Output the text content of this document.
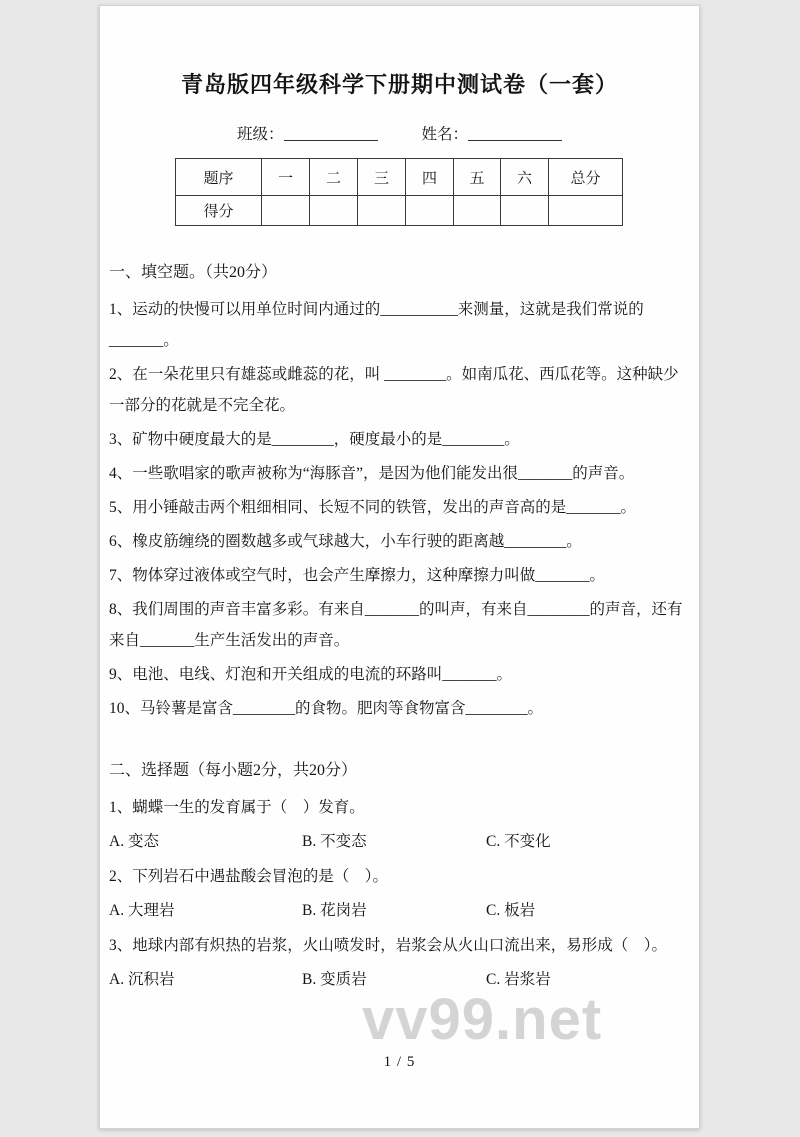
青岛版四年级科学下册期中测试卷（一套）
班级：	姓名：
题序	一	二	三	四	五	六	总分
得分							

一、填空题。（共20分）

1、运动的快慢可以用单位时间内通过的__________来测量，这就是我们常说的_______。

2、在一朵花里只有雄蕊或雌蕊的花，叫 ________。如南瓜花、西瓜花等。这种缺少一部分的花就是不完全花。

3、矿物中硬度最大的是________，硬度最小的是________。

4、一些歌唱家的歌声被称为“海豚音”，是因为他们能发出很_______的声音。

5、用小锤敲击两个粗细相同、长短不同的铁管，发出的声音高的是_______。

6、橡皮筋缠绕的圈数越多或气球越大，小车行驶的距离越________。

7、物体穿过液体或空气时，也会产生摩擦力，这种摩擦力叫做_______。

8、我们周围的声音丰富多彩。有来自_______的叫声，有来自________的声音，还有来自_______生产生活发出的声音。

9、电池、电线、灯泡和开关组成的电流的环路叫_______。

10、马铃薯是富含________的食物。肥肉等食物富含________。

二、选择题（每小题2分，共20分）

1、蝴蝶一生的发育属于（　）发育。

A. 变态	B. 不变态	C. 不变化

2、下列岩石中遇盐酸会冒泡的是（　）。

A. 大理岩	B. 花岗岩	C. 板岩

3、地球内部有炽热的岩浆，火山喷发时，岩浆会从火山口流出来，易形成（　）。

A. 沉积岩	B. 变质岩	C. 岩浆岩
vv99.net
1 / 5
